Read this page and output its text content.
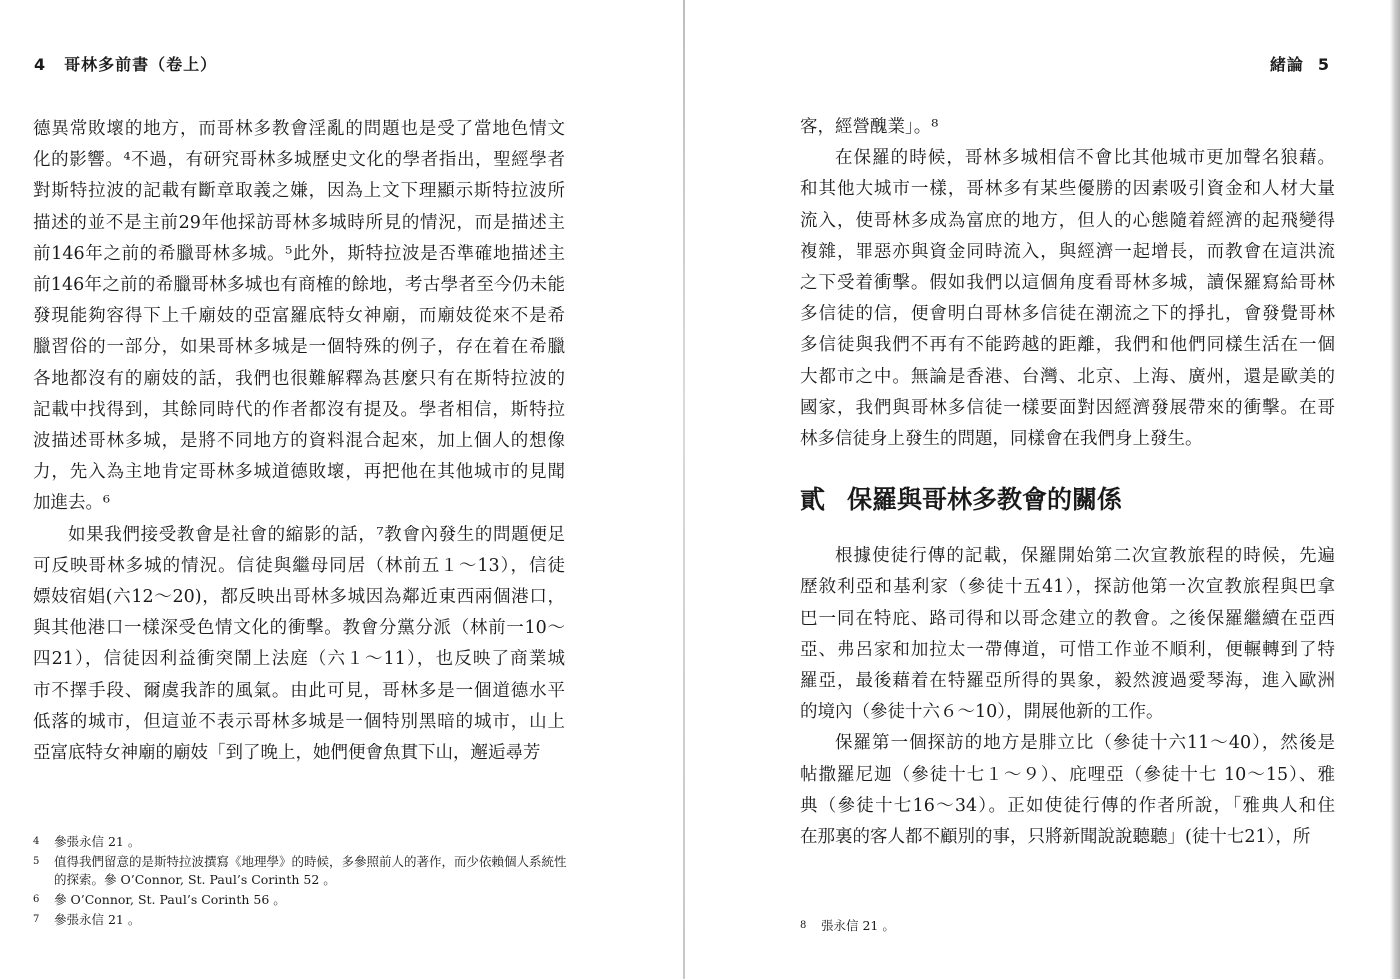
4 哥林多前書（卷上）

德異常敗壞的地方，而哥林多教會淫亂的問題也是受了當地色情文

化的影響。⁴不過，有研究哥林多城歷史文化的學者指出，聖經學者

對斯特拉波的記載有斷章取義之嫌，因為上文下理顯示斯特拉波所

描述的並不是主前29年他採訪哥林多城時所見的情況，而是描述主

前146年之前的希臘哥林多城。⁵此外，斯特拉波是否準確地描述主

前146年之前的希臘哥林多城也有商榷的餘地，考古學者至今仍未能

發現能夠容得下上千廟妓的亞富羅底特女神廟，而廟妓從來不是希

臘習俗的一部分，如果哥林多城是一個特殊的例子，存在着在希臘

各地都沒有的廟妓的話，我們也很難解釋為甚麼只有在斯特拉波的

記載中找得到，其餘同時代的作者都沒有提及。學者相信，斯特拉

波描述哥林多城，是將不同地方的資料混合起來，加上個人的想像

力，先入為主地肯定哥林多城道德敗壞，再把他在其他城市的見聞

加進去。⁶

如果我們接受教會是社會的縮影的話，⁷教會內發生的問題便足

可反映哥林多城的情況。信徒與繼母同居（林前五１～13），信徒

嫖妓宿娼(六12～20)，都反映出哥林多城因為鄰近東西兩個港口，

與其他港口一樣深受色情文化的衝擊。教會分黨分派（林前一10～

四21），信徒因利益衝突鬧上法庭（六１～11），也反映了商業城

市不擇手段、爾虞我詐的風氣。由此可見，哥林多是一個道德水平

低落的城市，但這並不表示哥林多城是一個特別黑暗的城市，山上

亞富底特女神廟的廟妓「到了晚上，她們便會魚貫下山，邂逅尋芳

4	參張永信 21 。
5	值得我們留意的是斯特拉波撰寫《地理學》的時候，多參照前人的著作，而少依賴個人系統性的探索。參 O’Connor, St. Paul’s Corinth 52 。
6	參 O’Connor, St. Paul’s Corinth 56 。
7	參張永信 21 。
緒論 5

客，經營醜業」。⁸

在保羅的時候，哥林多城相信不會比其他城市更加聲名狼藉。

和其他大城市一樣，哥林多有某些優勝的因素吸引資金和人材大量

流入，使哥林多成為富庶的地方，但人的心態隨着經濟的起飛變得

複雜，罪惡亦與資金同時流入，與經濟一起增長，而教會在這洪流

之下受着衝擊。假如我們以這個角度看哥林多城，讀保羅寫給哥林

多信徒的信，便會明白哥林多信徒在潮流之下的掙扎，會發覺哥林

多信徒與我們不再有不能跨越的距離，我們和他們同樣生活在一個

大都市之中。無論是香港、台灣、北京、上海、廣州，還是歐美的

國家，我們與哥林多信徒一樣要面對因經濟發展帶來的衝擊。在哥

林多信徒身上發生的問題，同樣會在我們身上發生。

貳 保羅與哥林多教會的關係

根據使徒行傳的記載，保羅開始第二次宣教旅程的時候，先遍

歷敘利亞和基利家（參徒十五41），探訪他第一次宣教旅程與巴拿

巴一同在特庇、路司得和以哥念建立的教會。之後保羅繼續在亞西

亞、弗呂家和加拉太一帶傳道，可惜工作並不順利，便輾轉到了特

羅亞，最後藉着在特羅亞所得的異象，毅然渡過愛琴海，進入歐洲

的境內（參徒十六６～10），開展他新的工作。

保羅第一個探訪的地方是腓立比（參徒十六11～40），然後是

帖撒羅尼迦（參徒十七１～９）、庇哩亞（參徒十七 10～15）、雅

典（參徒十七16～34）。正如使徒行傳的作者所說，「雅典人和住

在那裏的客人都不顧別的事，只將新聞說說聽聽」(徒十七21），所

8	張永信 21 。
